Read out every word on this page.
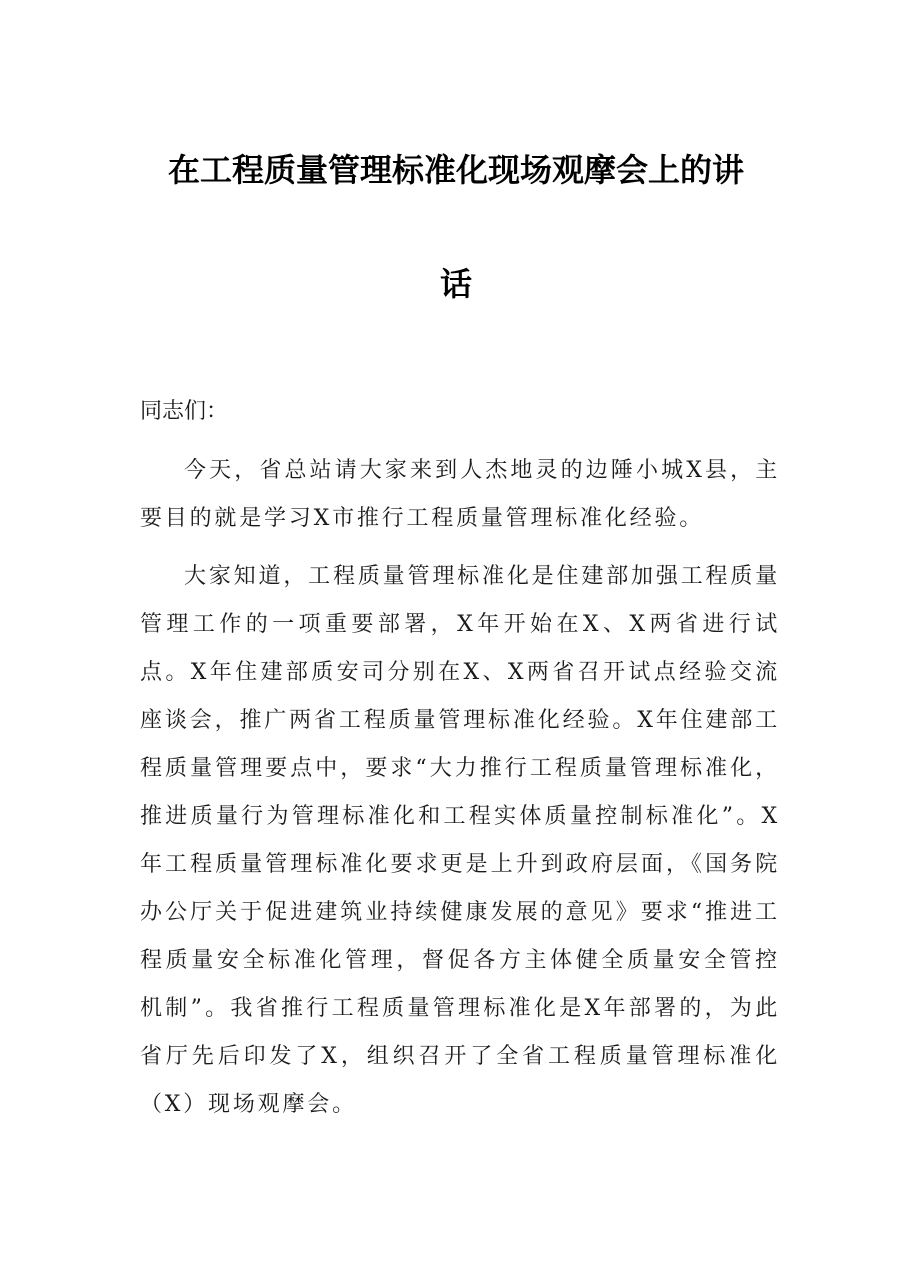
在工程质量管理标准化现场观摩会上的讲
话
同志们：
今天，省总站请大家来到人杰地灵的边陲小城X县，主要目的就是学习X市推行工程质量管理标准化经验。
大家知道，工程质量管理标准化是住建部加强工程质量管理工作的一项重要部署，X年开始在X、X两省进行试点。X年住建部质安司分别在X、X两省召开试点经验交流座谈会，推广两省工程质量管理标准化经验。X年住建部工程质量管理要点中，要求“大力推行工程质量管理标准化，推进质量行为管理标准化和工程实体质量控制标准化”。X年工程质量管理标准化要求更是上升到政府层面，《国务院办公厅关于促进建筑业持续健康发展的意见》要求“推进工程质量安全标准化管理，督促各方主体健全质量安全管控机制”。我省推行工程质量管理标准化是X年部署的，为此省厅先后印发了X，组织召开了全省工程质量管理标准化（X）现场观摩会。
